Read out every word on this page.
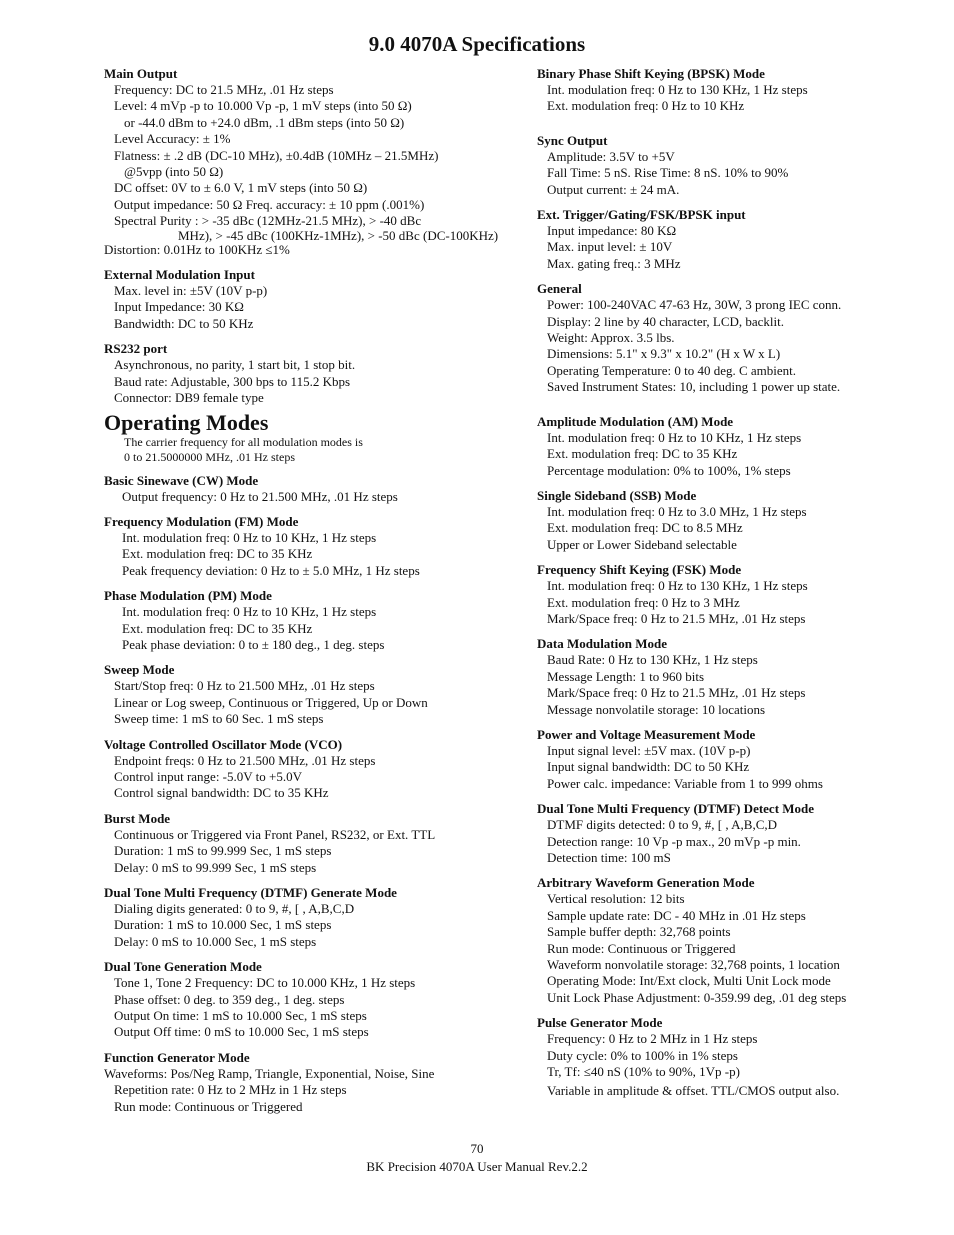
9.0 4070A Specifications

Main Output

Frequency: DC to 21.5 MHz, .01 Hz steps

Level: 4 mVp -p to 10.000 Vp -p, 1 mV steps (into 50 Ω)

or -44.0 dBm to +24.0 dBm, .1 dBm steps (into 50 Ω)

Level Accuracy: ± 1%

Flatness: ± .2 dB (DC-10 MHz), ±0.4dB (10MHz – 21.5MHz)

@5vpp (into 50 Ω)

DC offset: 0V to ± 6.0 V, 1 mV steps (into 50 Ω)

Output impedance: 50 Ω Freq. accuracy: ± 10 ppm (.001%)

Spectral Purity : > -35 dBc (12MHz-21.5 MHz), > -40 dBc

MHz), > -45 dBc (100KHz-1MHz), > -50 dBc (DC-100KHz)

Distortion: 0.01Hz to 100KHz ≤1%

External Modulation Input

Max. level in: ±5V (10V p-p)

Input Impedance: 30 KΩ

Bandwidth: DC to 50 KHz

RS232 port

Asynchronous, no parity, 1 start bit, 1 stop bit.

Baud rate: Adjustable, 300 bps to 115.2 Kbps

Connector: DB9 female type

Operating Modes

The carrier frequency for all modulation modes is

0 to 21.5000000 MHz, .01 Hz steps

Basic Sinewave (CW) Mode

Output frequency: 0 Hz to 21.500 MHz, .01 Hz steps

Frequency Modulation (FM) Mode

Int. modulation freq: 0 Hz to 10 KHz, 1 Hz steps

Ext. modulation freq: DC to 35 KHz

Peak frequency deviation: 0 Hz to ± 5.0 MHz, 1 Hz steps

Phase Modulation (PM) Mode

Int. modulation freq: 0 Hz to 10 KHz, 1 Hz steps

Ext. modulation freq: DC to 35 KHz

Peak phase deviation: 0 to ± 180 deg., 1 deg. steps

Sweep Mode

Start/Stop freq: 0 Hz to 21.500 MHz, .01 Hz steps

Linear or Log sweep, Continuous or Triggered, Up or Down

Sweep time: 1 mS to 60 Sec. 1 mS steps

Voltage Controlled Oscillator Mode (VCO)

Endpoint freqs: 0 Hz to 21.500 MHz, .01 Hz steps

Control input range: -5.0V to +5.0V

Control signal bandwidth: DC to 35 KHz

Burst Mode

Continuous or Triggered via Front Panel, RS232, or Ext. TTL

Duration: 1 mS to 99.999 Sec, 1 mS steps

Delay: 0 mS to 99.999 Sec, 1 mS steps

Dual Tone Multi Frequency (DTMF) Generate Mode

Dialing digits generated: 0 to 9, #, [ , A,B,C,D

Duration: 1 mS to 10.000 Sec, 1 mS steps

Delay: 0 mS to 10.000 Sec, 1 mS steps

Dual Tone Generation Mode

Tone 1, Tone 2 Frequency: DC to 10.000 KHz, 1 Hz steps

Phase offset: 0 deg. to 359 deg., 1 deg. steps

Output On time: 1 mS to 10.000 Sec, 1 mS steps

Output Off time: 0 mS to 10.000 Sec, 1 mS steps

Function Generator Mode

Waveforms: Pos/Neg Ramp, Triangle, Exponential, Noise, Sine

Repetition rate: 0 Hz to 2 MHz in 1 Hz steps

Run mode: Continuous or Triggered

Binary Phase Shift Keying (BPSK) Mode

Int. modulation freq: 0 Hz to 130 KHz, 1 Hz steps

Ext. modulation freq: 0 Hz to 10 KHz

Sync Output

Amplitude: 3.5V to +5V

Fall Time: 5 nS. Rise Time: 8 nS. 10% to 90%

Output current: ± 24 mA.

Ext. Trigger/Gating/FSK/BPSK input

Input impedance: 80 KΩ

Max. input level: ± 10V

Max. gating freq.: 3 MHz

General

Power: 100-240VAC 47-63 Hz, 30W, 3 prong IEC conn.

Display: 2 line by 40 character, LCD, backlit.

Weight: Approx. 3.5 lbs.

Dimensions: 5.1" x 9.3" x 10.2" (H x W x L)

Operating Temperature: 0 to 40 deg. C ambient.

Saved Instrument States: 10, including 1 power up state.

Amplitude Modulation (AM) Mode

Int. modulation freq: 0 Hz to 10 KHz, 1 Hz steps

Ext. modulation freq: DC to 35 KHz

Percentage modulation: 0% to 100%, 1% steps

Single Sideband (SSB) Mode

Int. modulation freq: 0 Hz to 3.0 MHz, 1 Hz steps

Ext. modulation freq: DC to 8.5 MHz

Upper or Lower Sideband selectable

Frequency Shift Keying (FSK) Mode

Int. modulation freq: 0 Hz to 130 KHz, 1 Hz steps

Ext. modulation freq: 0 Hz to 3 MHz

Mark/Space freq: 0 Hz to 21.5 MHz, .01 Hz steps

Data Modulation Mode

Baud Rate: 0 Hz to 130 KHz, 1 Hz steps

Message Length: 1 to 960 bits

Mark/Space freq: 0 Hz to 21.5 MHz, .01 Hz steps

Message nonvolatile storage: 10 locations

Power and Voltage Measurement Mode

Input signal level: ±5V max. (10V p-p)

Input signal bandwidth: DC to 50 KHz

Power calc. impedance: Variable from 1 to 999 ohms

Dual Tone Multi Frequency (DTMF) Detect Mode

DTMF digits detected: 0 to 9, #, [ , A,B,C,D

Detection range: 10 Vp -p max., 20 mVp -p min.

Detection time: 100 mS

Arbitrary Waveform Generation Mode

Vertical resolution: 12 bits

Sample update rate: DC - 40 MHz in .01 Hz steps

Sample buffer depth: 32,768 points

Run mode: Continuous or Triggered

Waveform nonvolatile storage: 32,768 points, 1 location

Operating Mode: Int/Ext clock, Multi Unit Lock mode

Unit Lock Phase Adjustment: 0-359.99 deg, .01 deg steps

Pulse Generator Mode

Frequency: 0 Hz to 2 MHz in 1 Hz steps

Duty cycle: 0% to 100% in 1% steps

Tr, Tf: ≤40 nS (10% to 90%, 1Vp -p)

Variable in amplitude & offset. TTL/CMOS output also.

70
BK Precision 4070A User Manual Rev.2.2
